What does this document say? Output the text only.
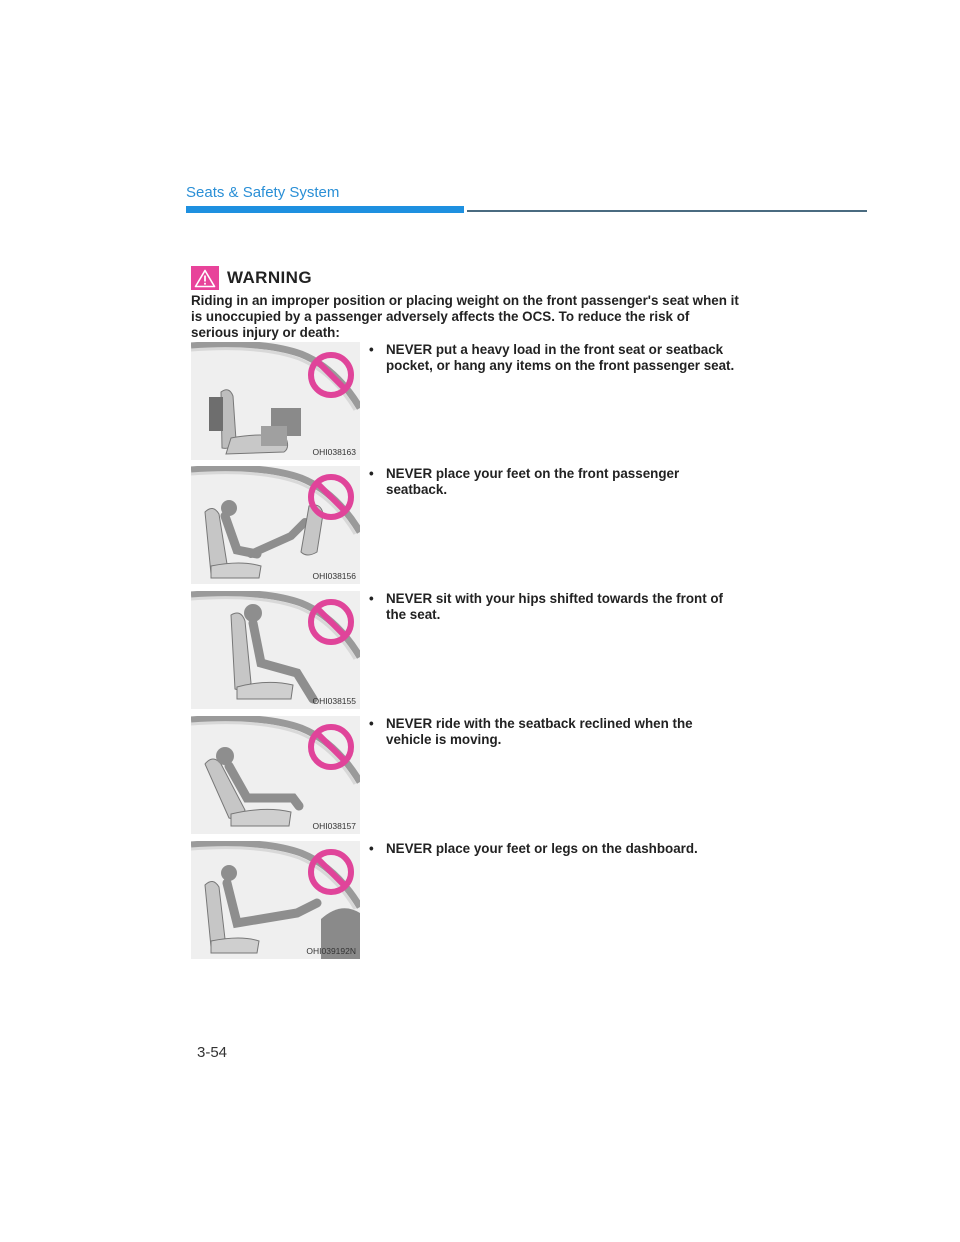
Seats & Safety System
WARNING

Riding in an improper position or placing weight on the front passenger's seat when it is unoccupied by a passenger adversely affects the OCS. To reduce the risk of serious injury or death:

OHI038163
• NEVER put a heavy load in the front seat or seatback pocket, or hang any items on the front passenger seat.
OHI038156
• NEVER place your feet on the front passenger seatback.
OHI038155
• NEVER sit with your hips shifted towards the front of the seat.
OHI038157
• NEVER ride with the seatback reclined when the vehicle is moving.
OHI039192N
• NEVER place your feet or legs on the dashboard.
3-54
